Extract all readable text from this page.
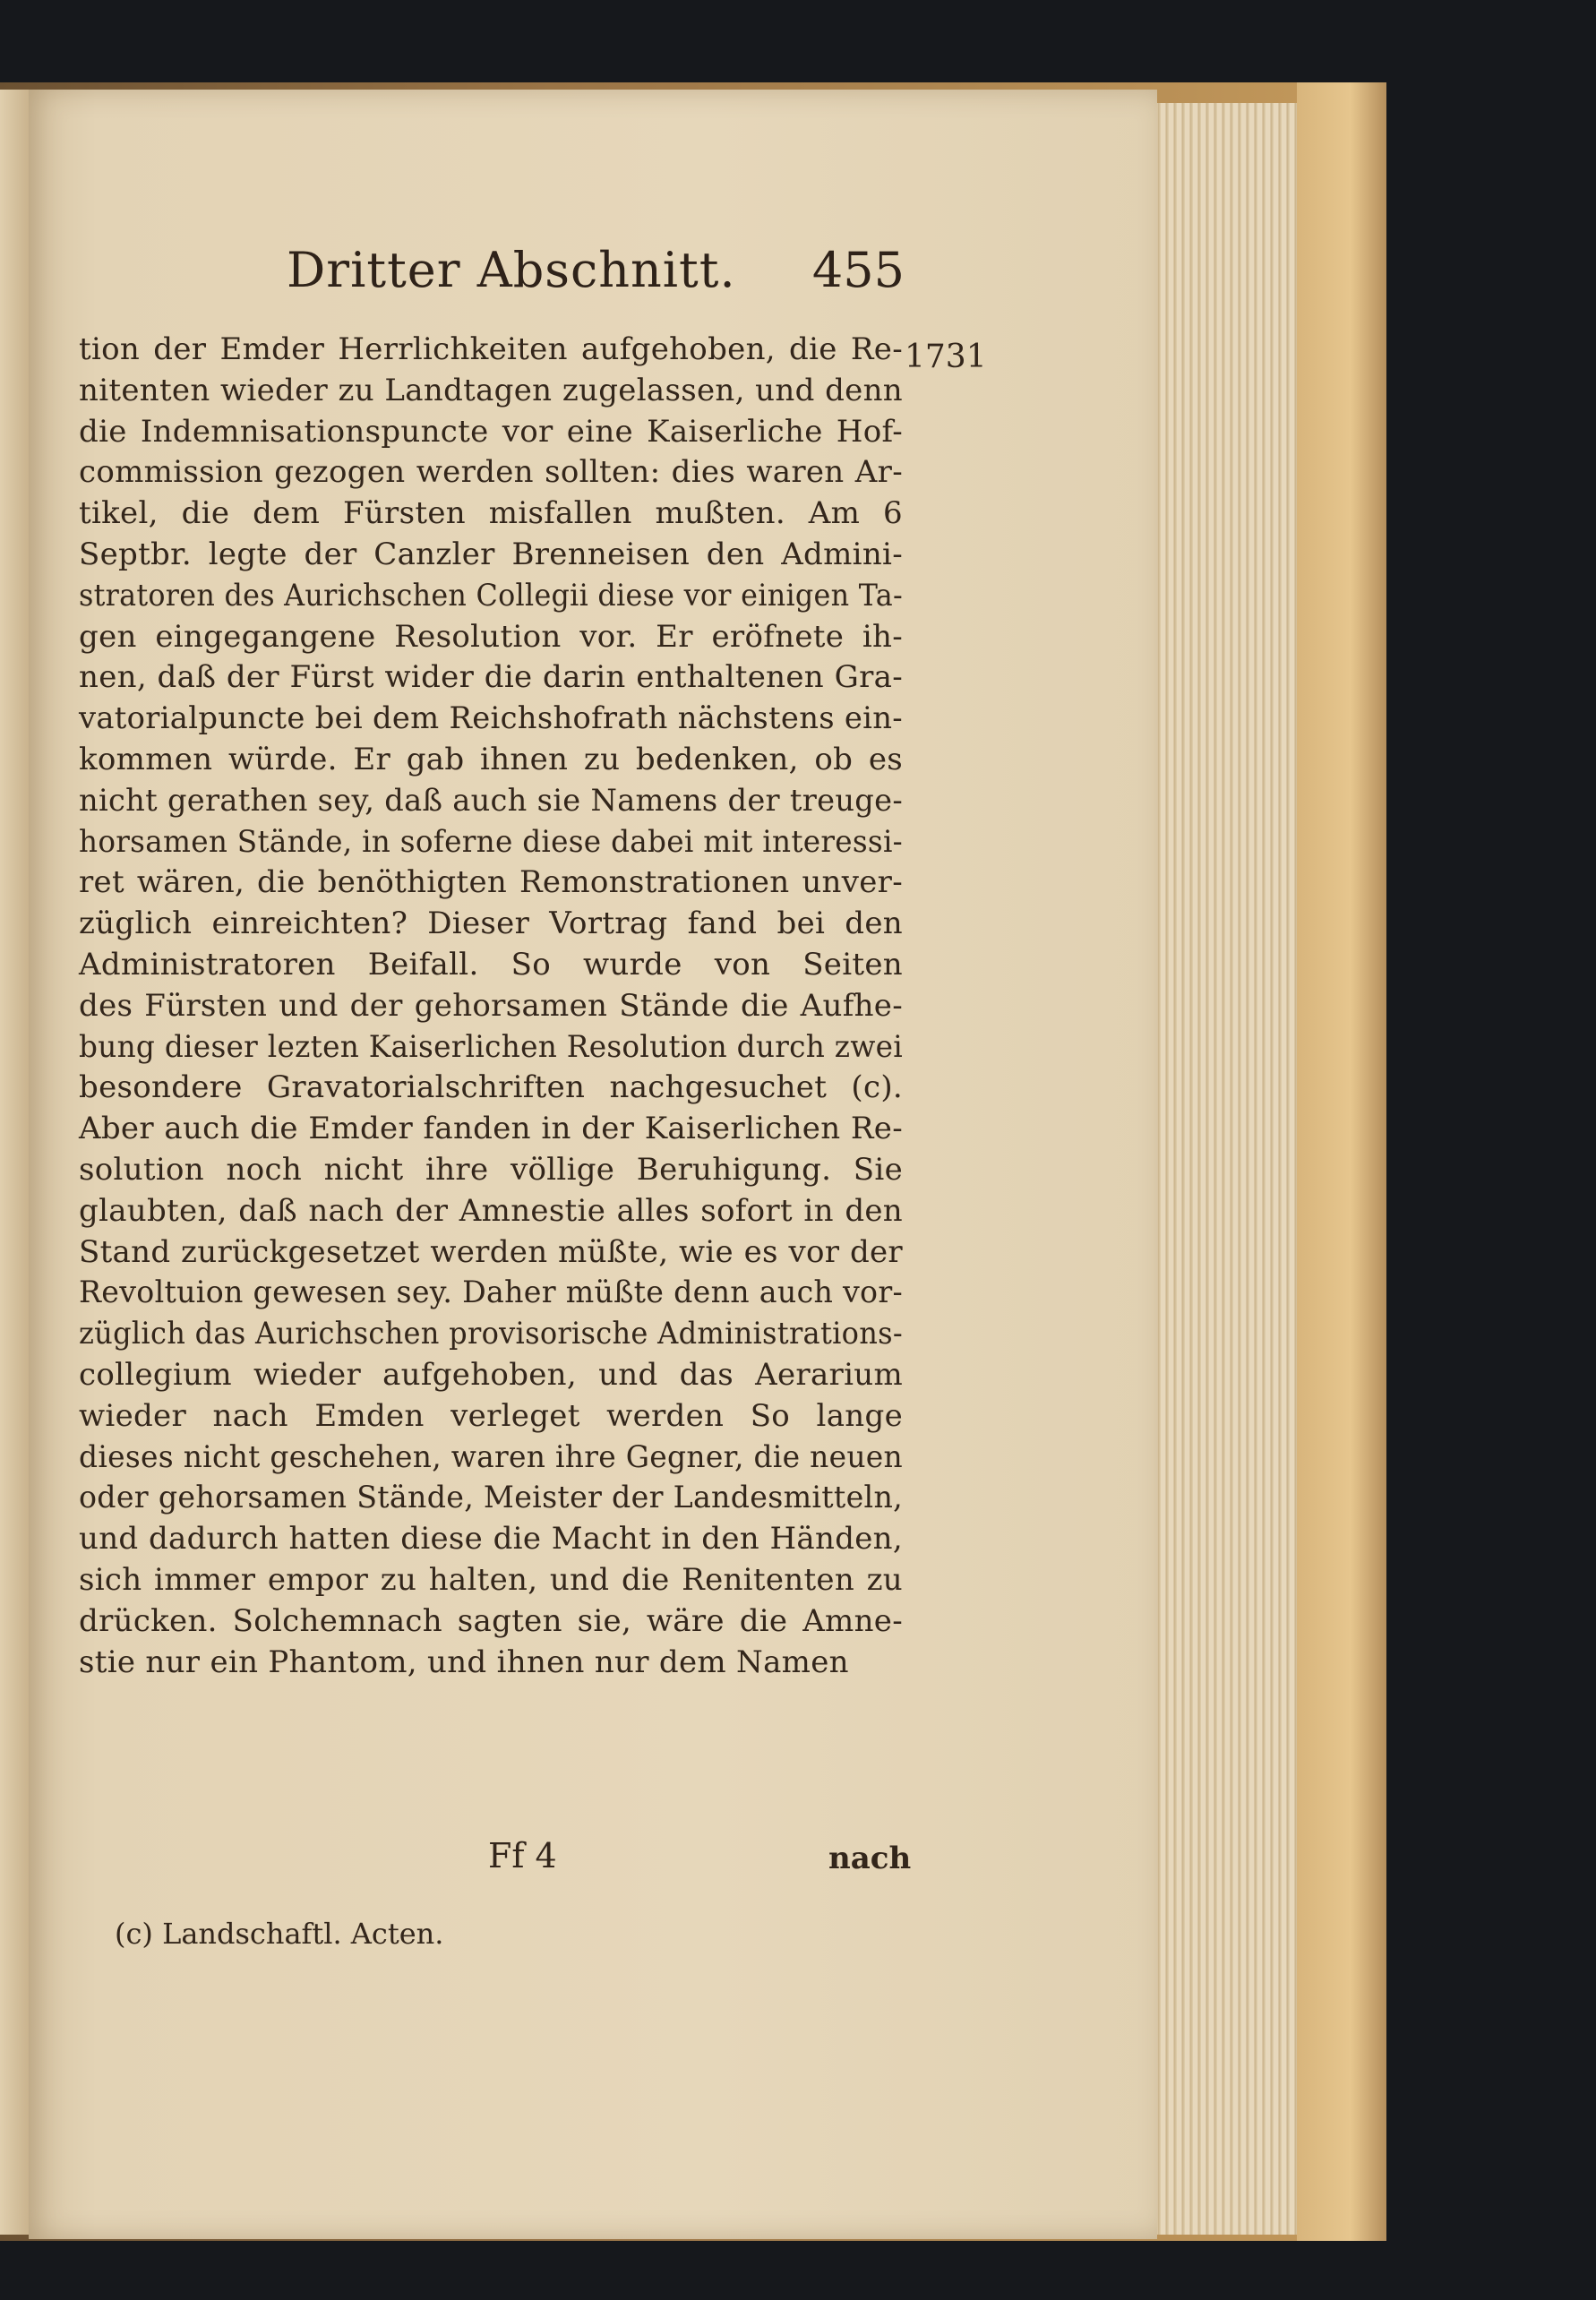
Dritter Abschnitt. 455
1731
tion der Emder Herrlichkeiten aufgehoben, die Re-
nitenten wieder zu Landtagen zugelassen, und denn
die Indemnisationspuncte vor eine Kaiserliche Hof-
commission gezogen werden sollten: dies waren Ar-
tikel, die dem Fürsten misfallen mußten. Am 6
Septbr. legte der Canzler Brenneisen den Admini-
stratoren des Aurichschen Collegii diese vor einigen Ta-
gen eingegangene Resolution vor. Er eröfnete ih-
nen, daß der Fürst wider die darin enthaltenen Gra-
vatorialpuncte bei dem Reichshofrath nächstens ein-
kommen würde. Er gab ihnen zu bedenken, ob es
nicht gerathen sey, daß auch sie Namens der treuge-
horsamen Stände, in soferne diese dabei mit interessi-
ret wären, die benöthigten Remonstrationen unver-
züglich einreichten? Dieser Vortrag fand bei den
Administratoren Beifall. So wurde von Seiten
des Fürsten und der gehorsamen Stände die Aufhe-
bung dieser lezten Kaiserlichen Resolution durch zwei
besondere Gravatorialschriften nachgesuchet (c).
Aber auch die Emder fanden in der Kaiserlichen Re-
solution noch nicht ihre völlige Beruhigung. Sie
glaubten, daß nach der Amnestie alles sofort in den
Stand zurückgesetzet werden müßte, wie es vor der
Revoltuion gewesen sey. Daher müßte denn auch vor-
züglich das Aurichschen provisorische Administrations-
collegium wieder aufgehoben, und das Aerarium
wieder nach Emden verleget werden So lange
dieses nicht geschehen, waren ihre Gegner, die neuen
oder gehorsamen Stände, Meister der Landesmitteln,
und dadurch hatten diese die Macht in den Händen,
sich immer empor zu halten, und die Renitenten zu
drücken. Solchemnach sagten sie, wäre die Amne-
stie nur ein Phantom, und ihnen nur dem Namen
Ff 4	nach
(c) Landschaftl. Acten.
